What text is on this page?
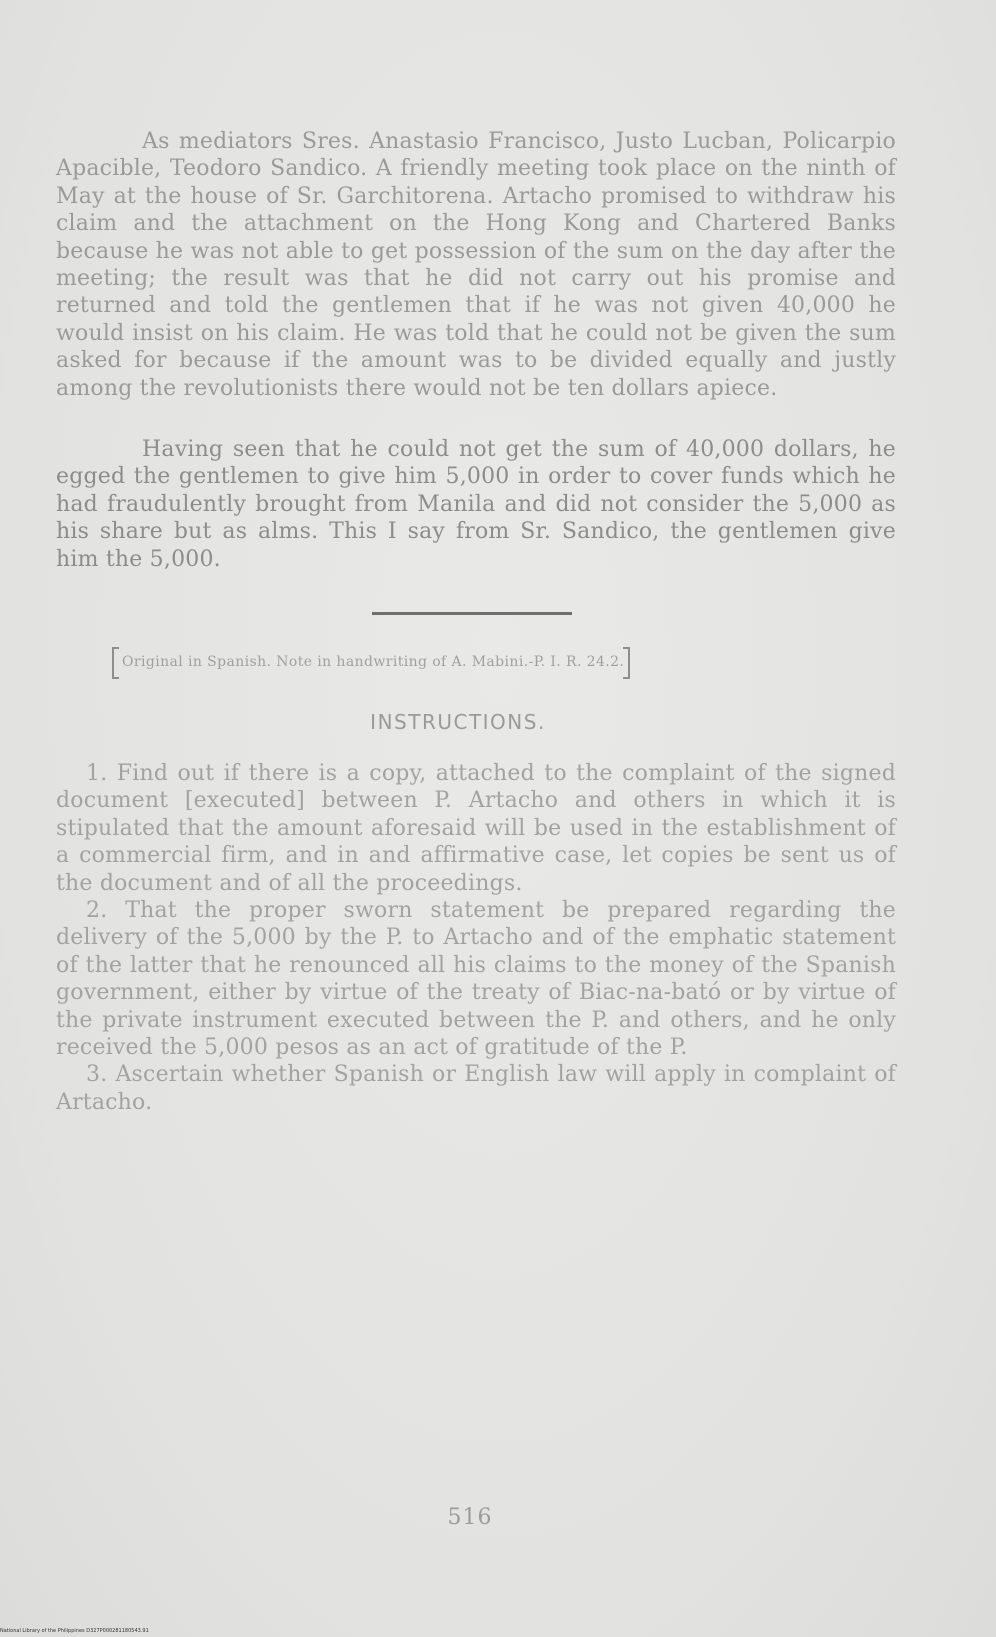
As mediators Sres. Anastasio Francisco, Justo Lucban, Policarpio Apacible, Teodoro Sandico. A friendly meeting took place on the ninth of May at the house of Sr. Garchitorena. Artacho promised to withdraw his claim and the attachment on the Hong Kong and Chartered Banks because he was not able to get possession of the sum on the day after the meeting; the result was that he did not carry out his promise and returned and told the gentlemen that if he was not given 40,000 he would insist on his claim. He was told that he could not be given the sum asked for because if the amount was to be divided equally and justly among the revolutionists there would not be ten dollars apiece.

Having seen that he could not get the sum of 40,000 dollars, he egged the gentlemen to give him 5,000 in order to cover funds which he had fraudulently brought from Manila and did not consider the 5,000 as his share but as alms. This I say from Sr. Sandico, the gentlemen give him the 5,000.

Original in Spanish. Note in handwriting of A. Mabini.-P. I. R. 24.2.
INSTRUCTIONS.

1. Find out if there is a copy, attached to the complaint of the signed document [executed] between P. Artacho and others in which it is stipulated that the amount aforesaid will be used in the establishment of a commercial firm, and in and affirmative case, let copies be sent us of the document and of all the proceedings.

2. That the proper sworn statement be prepared regarding the delivery of the 5,000 by the P. to Artacho and of the emphatic statement of the latter that he renounced all his claims to the money of the Spanish government, either by virtue of the treaty of Biac-na-bató or by virtue of the private instrument executed between the P. and others, and he only received the 5,000 pesos as an act of gratitude of the P.

3. Ascertain whether Spanish or English law will apply in complaint of Artacho.

516
National Library of the Philippines D327P000281180543.91
